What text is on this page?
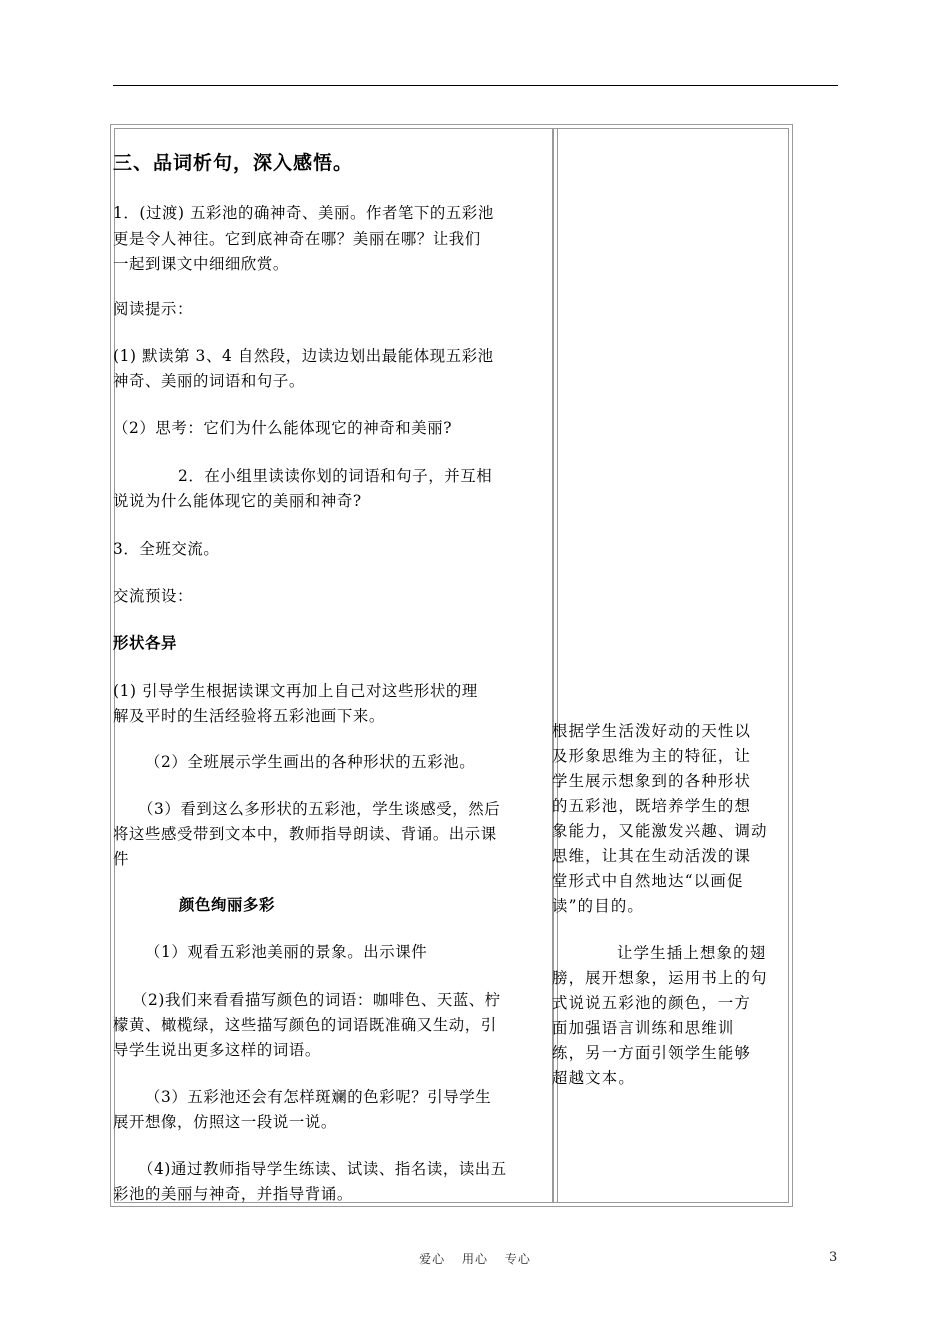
三、品词析句，深入感悟。
1．(过渡) 五彩池的确神奇、美丽。作者笔下的五彩池
更是令人神往。它到底神奇在哪？美丽在哪？让我们
一起到课文中细细欣赏。
阅读提示：
(1) 默读第 3、4 自然段，边读边划出最能体现五彩池
神奇、美丽的词语和句子。
（2）思考：它们为什么能体现它的神奇和美丽?
2．在小组里读读你划的词语和句子，并互相
说说为什么能体现它的美丽和神奇?
3．全班交流。
交流预设：
形状各异
(1) 引导学生根据读课文再加上自己对这些形状的理
解及平时的生活经验将五彩池画下来。
（2）全班展示学生画出的各种形状的五彩池。
（3）看到这么多形状的五彩池，学生谈感受，然后
将这些感受带到文本中，教师指导朗读、背诵。出示课
件
颜色绚丽多彩
（1）观看五彩池美丽的景象。出示课件
（2)我们来看看描写颜色的词语：咖啡色、天蓝、柠
檬黄、橄榄绿，这些描写颜色的词语既准确又生动，引
导学生说出更多这样的词语。
（3）五彩池还会有怎样斑斓的色彩呢？引导学生
展开想像，仿照这一段说一说。
（4)通过教师指导学生练读、试读、指名读，读出五
彩池的美丽与神奇，并指导背诵。
根据学生活泼好动的天性以
及形象思维为主的特征，让
学生展示想象到的各种形状
的五彩池，既培养学生的想
象能力，又能激发兴趣、调动
思维，让其在生动活泼的课
堂形式中自然地达“以画促
读”的目的。
让学生插上想象的翅
膀，展开想象，运用书上的句
式说说五彩池的颜色，一方
面加强语言训练和思维训
练，另一方面引领学生能够
超越文本。
爱心 用心 专心	3
